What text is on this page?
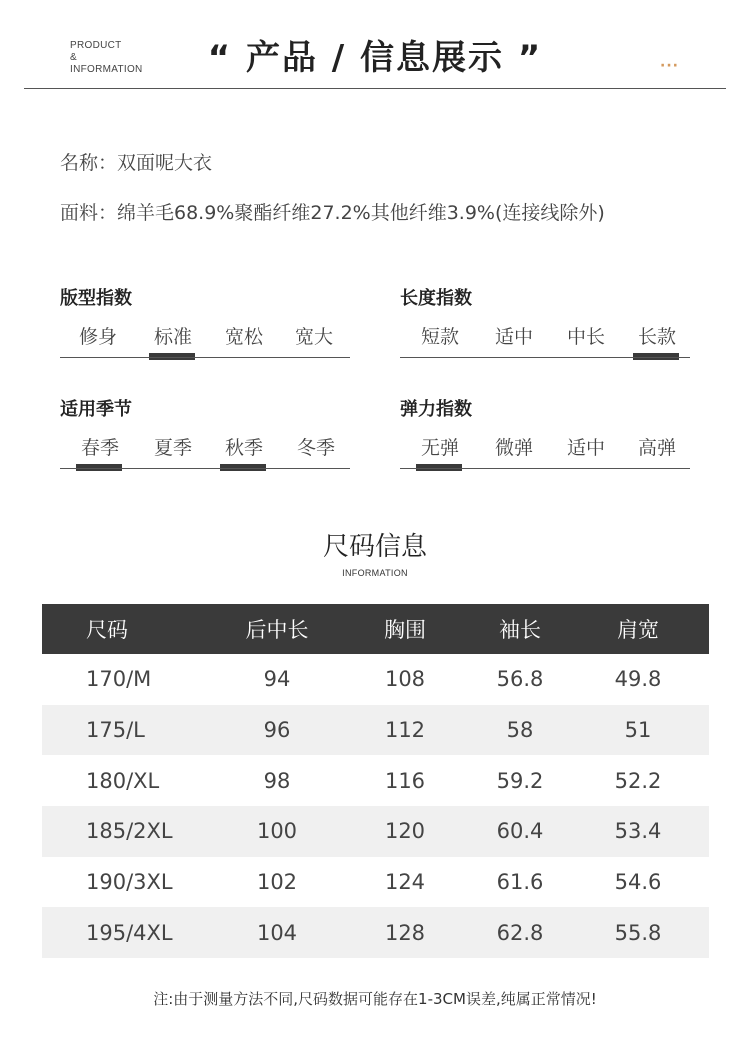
PRODUCT
&
INFORMATION	“ 产品 / 信息展示 ”	···
名称：双面呢大衣
面料：绵羊毛68.9%聚酯纤维27.2%其他纤维3.9%(连接线除外)
版型指数
修身	标准	宽松	宽大
长度指数
短款	适中	中长	长款
适用季节
春季	夏季	秋季	冬季
弹力指数
无弹	微弹	适中	高弹
尺码信息
INFORMATION
尺码	后中长	胸围	袖长	肩宽
170/M	94	108	56.8	49.8
175/L	96	112	58	51
180/XL	98	116	59.2	52.2
185/2XL	100	120	60.4	53.4
190/3XL	102	124	61.6	54.6
195/4XL	104	128	62.8	55.8
注:由于测量方法不同,尺码数据可能存在1-3CM误差,纯属正常情况!
